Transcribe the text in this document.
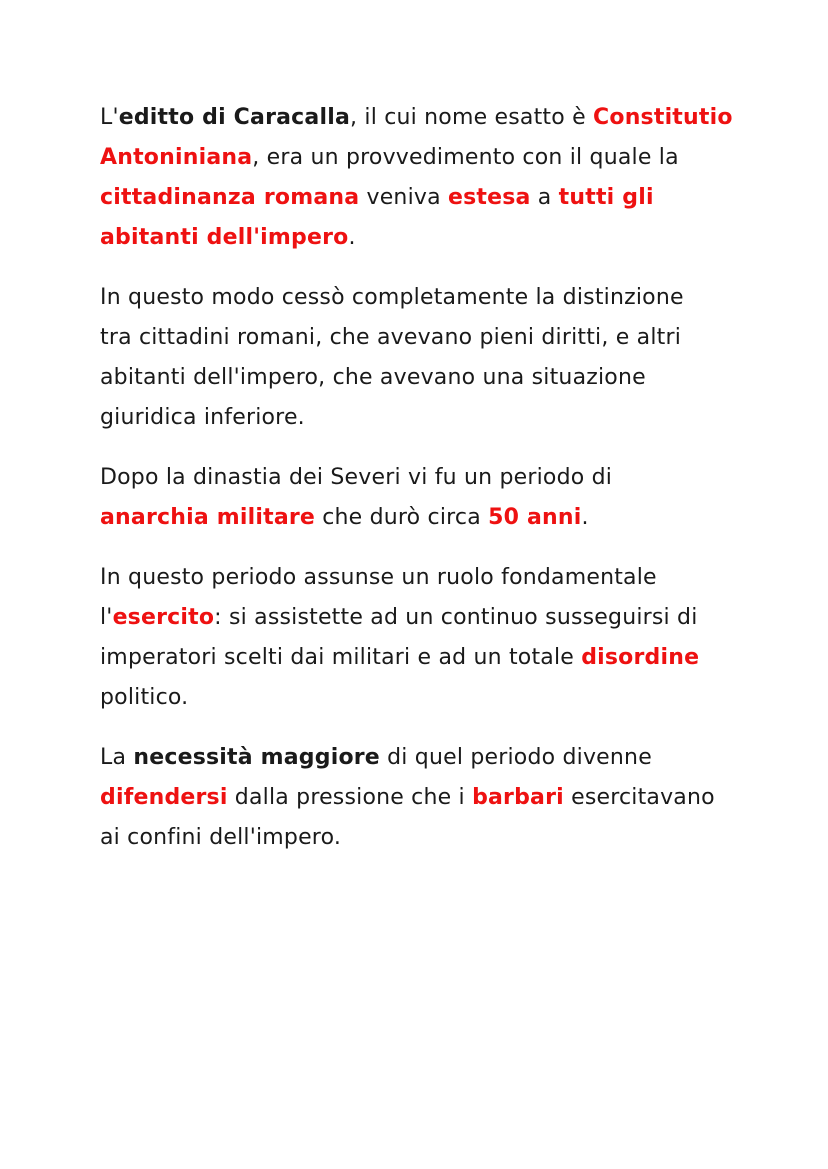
L'editto di Caracalla, il cui nome esatto è Constitutio
Antoniniana, era un provvedimento con il quale la
cittadinanza romana veniva estesa a tutti gli
abitanti dell'impero.

In questo modo cessò completamente la distinzione
tra cittadini romani, che avevano pieni diritti, e altri
abitanti dell'impero, che avevano una situazione
giuridica inferiore.

Dopo la dinastia dei Severi vi fu un periodo di
anarchia militare che durò circa 50 anni.

In questo periodo assunse un ruolo fondamentale
l'esercito: si assistette ad un continuo susseguirsi di
imperatori scelti dai militari e ad un totale disordine
politico.

La necessità maggiore di quel periodo divenne
difendersi dalla pressione che i barbari esercitavano
ai confini dell'impero.
